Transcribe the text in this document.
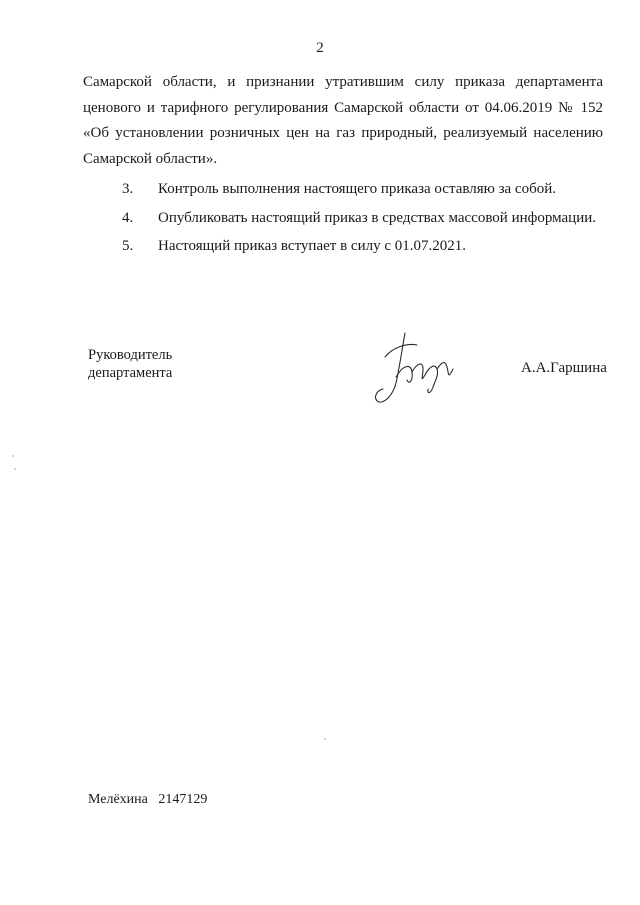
2

Самарской области, и признании утратившим силу приказа департамента ценового и тарифного регулирования Самарской области от 04.06.2019 № 152 «Об установлении розничных цен на газ природный, реализуемый населению Самарской области».

3. Контроль выполнения настоящего приказа оставляю за собой.
4. Опубликовать настоящий приказ в средствах массовой информации.
5. Настоящий приказ вступает в силу с 01.07.2021.
Руководитель
департамента	А.А.Гаршина
Мелёхина 2147129
